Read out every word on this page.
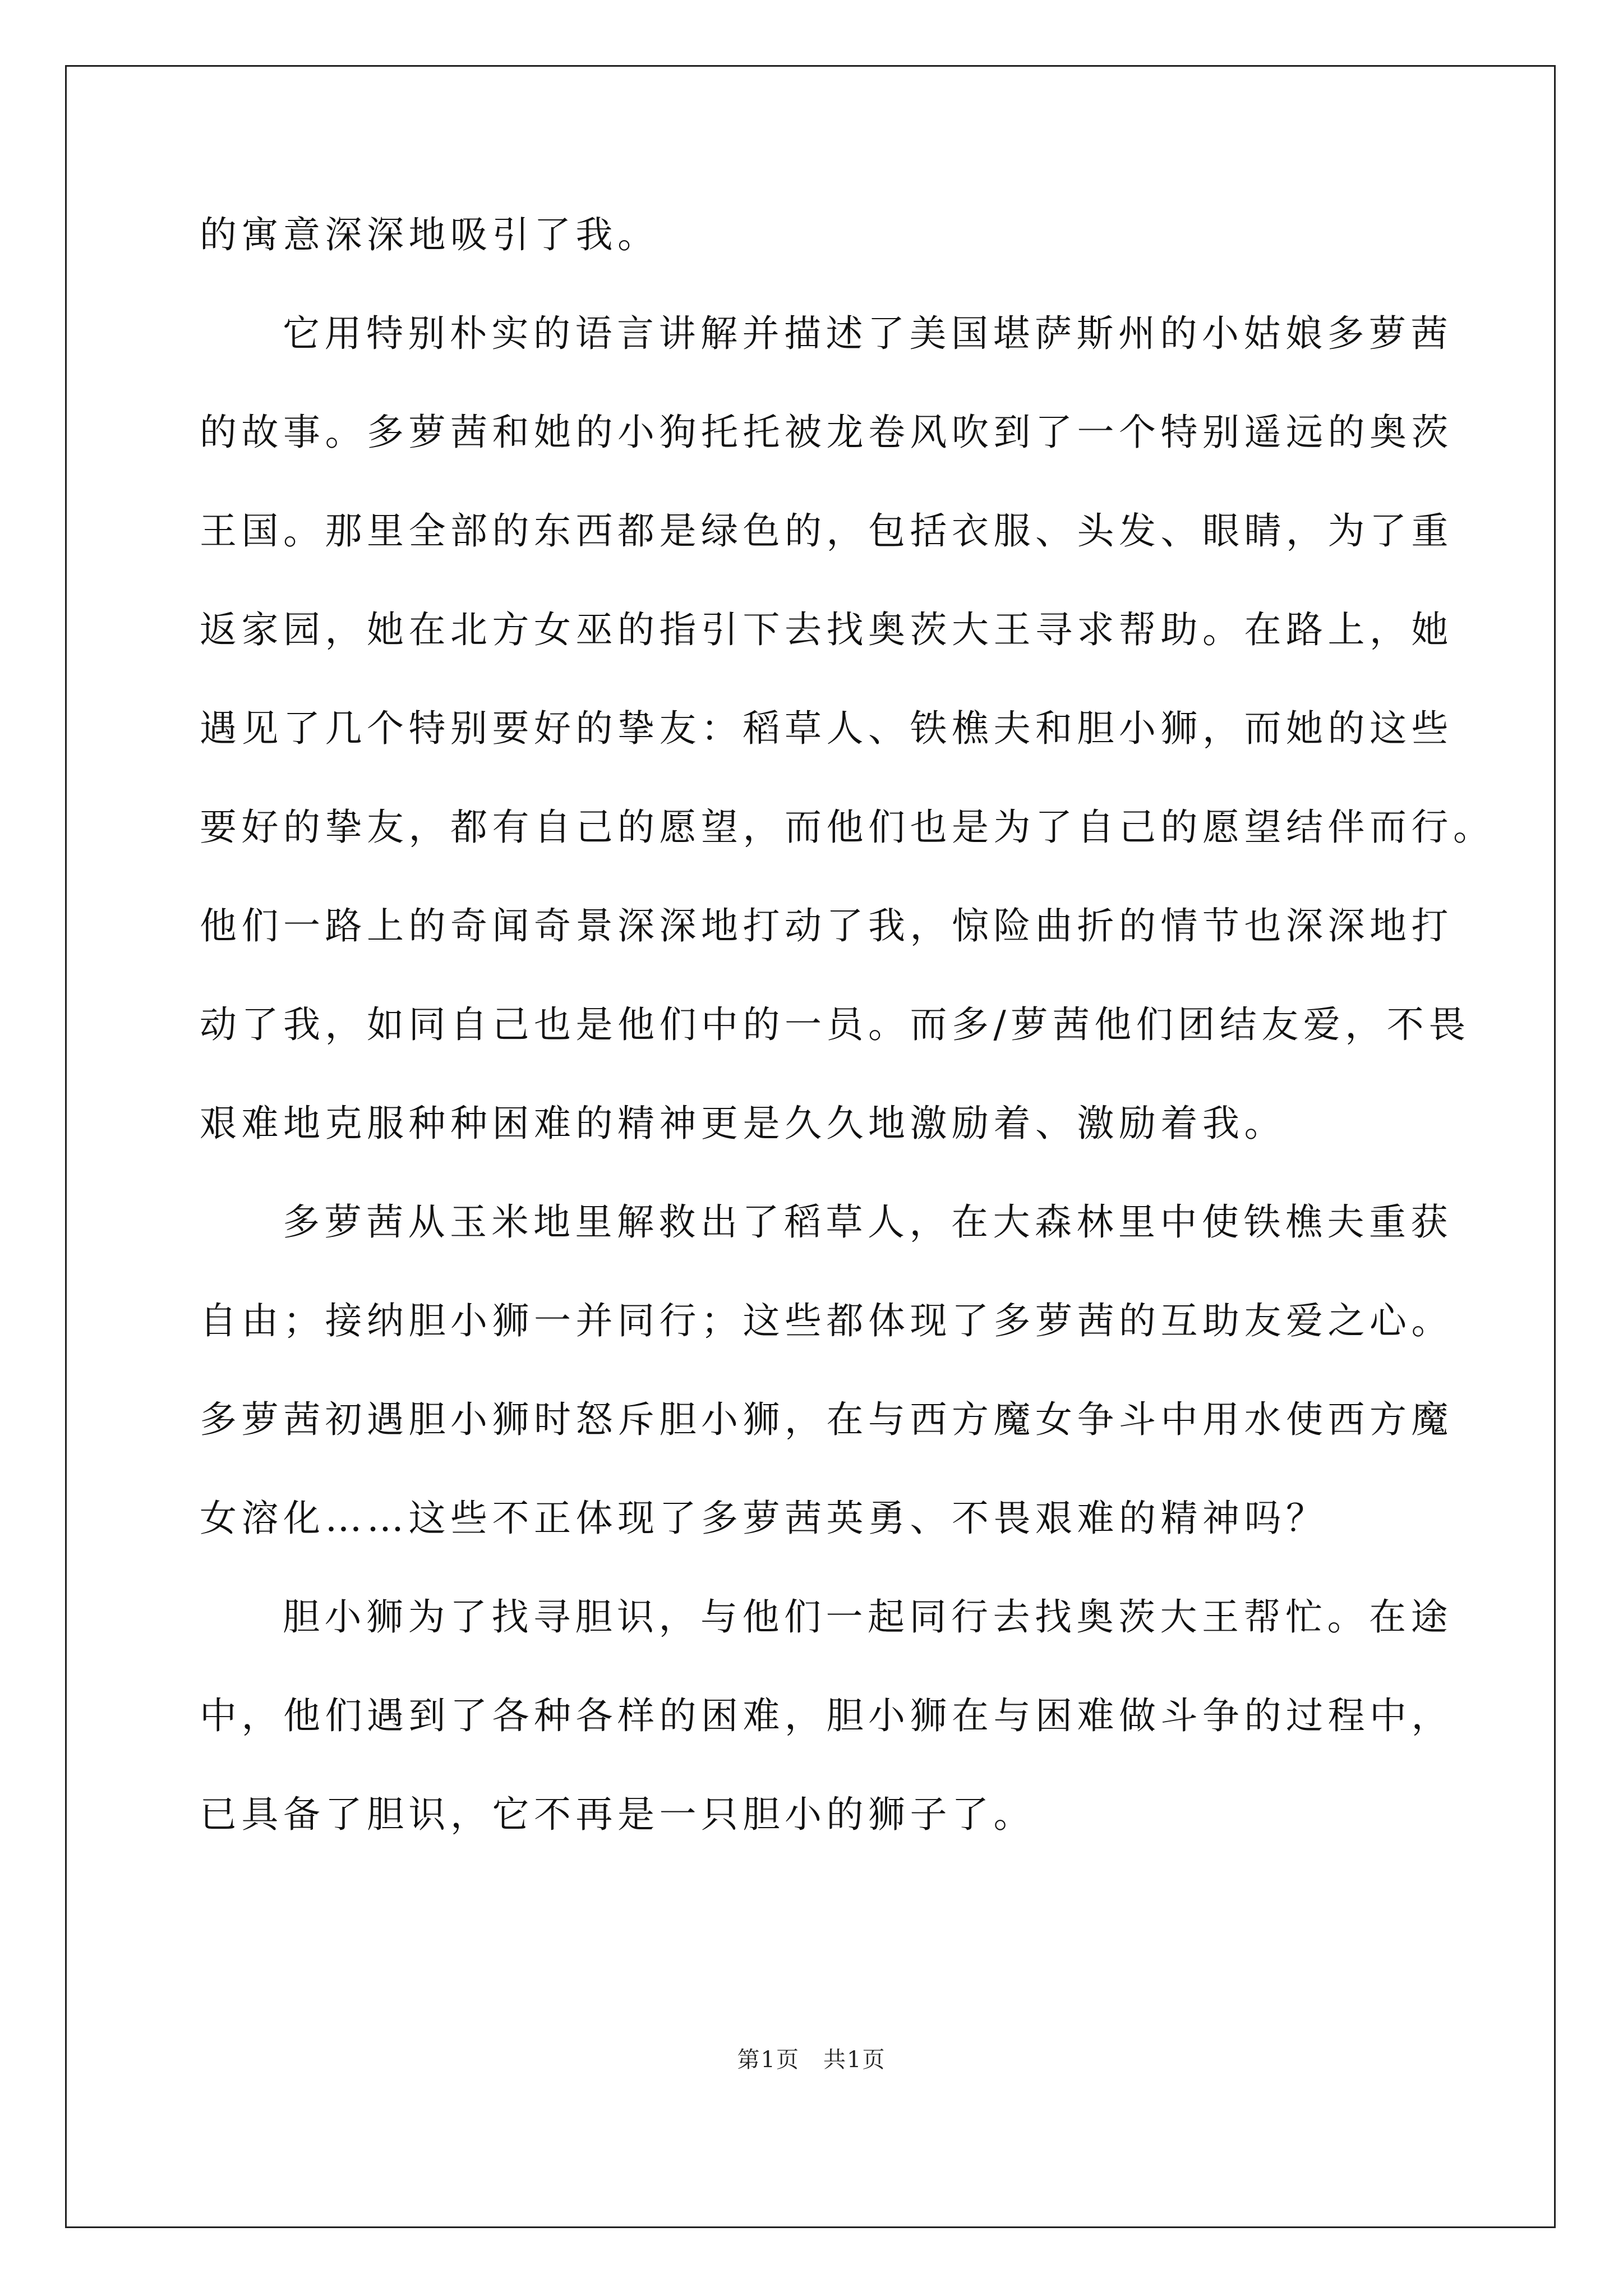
的寓意深深地吸引了我。
它用特别朴实的语言讲解并描述了美国堪萨斯州的小姑娘多萝茜
的故事。多萝茜和她的小狗托托被龙卷风吹到了一个特别遥远的奥茨
王国。那里全部的东西都是绿色的，包括衣服、头发、眼睛，为了重
返家园，她在北方女巫的指引下去找奥茨大王寻求帮助。在路上，她
遇见了几个特别要好的挚友：稻草人、铁樵夫和胆小狮，而她的这些
要好的挚友，都有自己的愿望，而他们也是为了自己的愿望结伴而行。
他们一路上的奇闻奇景深深地打动了我，惊险曲折的情节也深深地打
动了我，如同自己也是他们中的一员。而多/萝茜他们团结友爱，不畏
艰难地克服种种困难的精神更是久久地激励着、激励着我。
多萝茜从玉米地里解救出了稻草人，在大森林里中使铁樵夫重获
自由；接纳胆小狮一并同行；这些都体现了多萝茜的互助友爱之心。
多萝茜初遇胆小狮时怒斥胆小狮，在与西方魔女争斗中用水使西方魔
女溶化……这些不正体现了多萝茜英勇、不畏艰难的精神吗？
胆小狮为了找寻胆识，与他们一起同行去找奥茨大王帮忙。在途
中，他们遇到了各种各样的困难，胆小狮在与困难做斗争的过程中，
已具备了胆识，它不再是一只胆小的狮子了。
第1页　共1页
